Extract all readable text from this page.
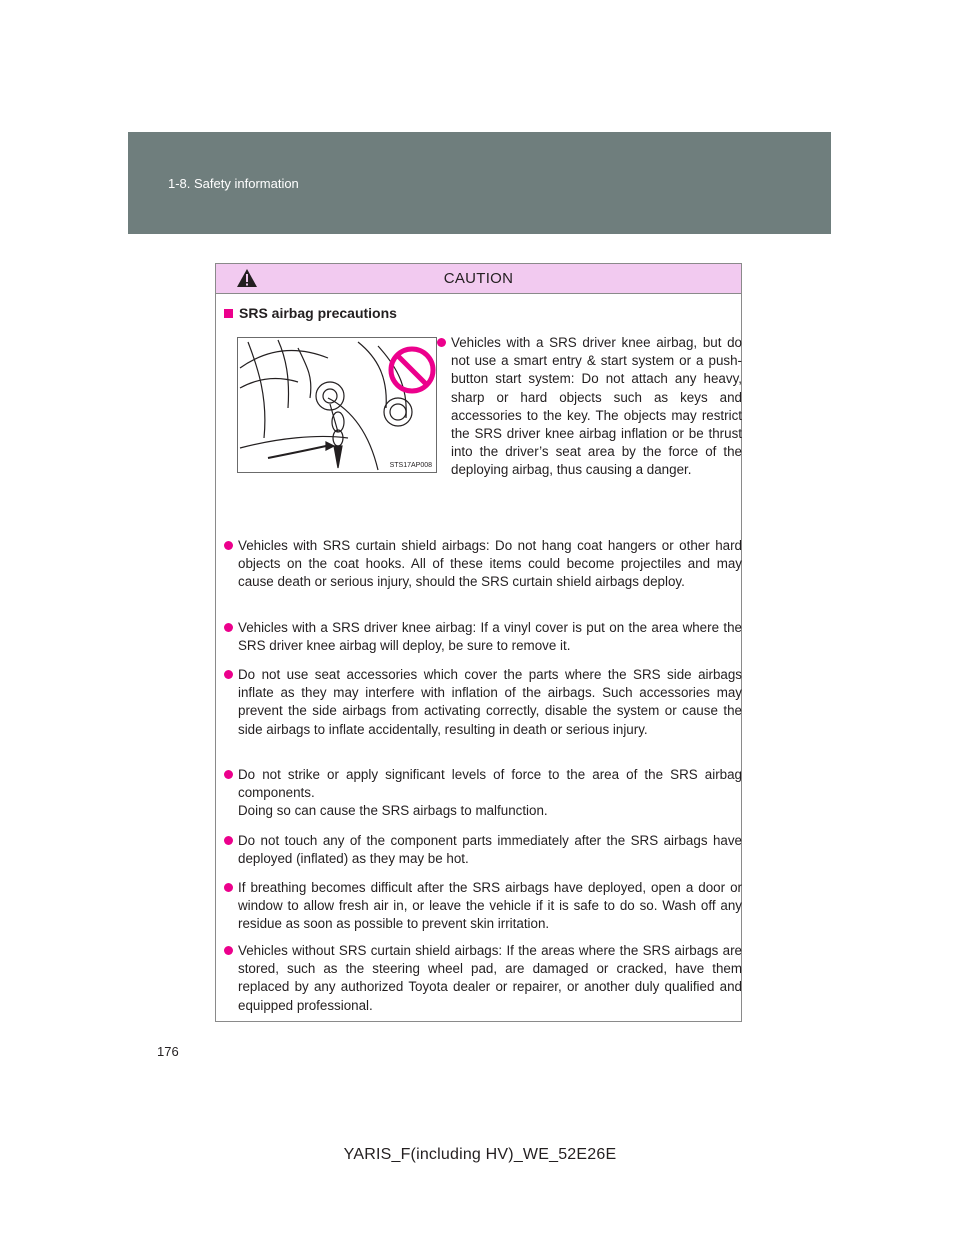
1-8. Safety information
CAUTION
SRS airbag precautions
STS17AP008

Vehicles with a SRS driver knee airbag, but do not use a smart entry & start system or a push-button start system: Do not attach any heavy, sharp or hard objects such as keys and accessories to the key. The objects may restrict the SRS driver knee airbag inflation or be thrust into the driver’s seat area by the force of the deploying airbag, thus causing a danger.

Vehicles with SRS curtain shield airbags: Do not hang coat hangers or other hard objects on the coat hooks. All of these items could become projectiles and may cause death or serious injury, should the SRS curtain shield airbags deploy.

Vehicles with a SRS driver knee airbag: If a vinyl cover is put on the area where the SRS driver knee airbag will deploy, be sure to remove it.

Do not use seat accessories which cover the parts where the SRS side airbags inflate as they may interfere with inflation of the airbags. Such accessories may prevent the side airbags from activating correctly, disable the system or cause the side airbags to inflate accidentally, resulting in death or serious injury.

Do not strike or apply significant levels of force to the area of the SRS airbag components.

Doing so can cause the SRS airbags to malfunction.

Do not touch any of the component parts immediately after the SRS airbags have deployed (inflated) as they may be hot.

If breathing becomes difficult after the SRS airbags have deployed, open a door or window to allow fresh air in, or leave the vehicle if it is safe to do so. Wash off any residue as soon as possible to prevent skin irritation.

Vehicles without SRS curtain shield airbags: If the areas where the SRS airbags are stored, such as the steering wheel pad, are damaged or cracked, have them replaced by any authorized Toyota dealer or repairer, or another duly qualified and equipped professional.

176
YARIS_F(including HV)_WE_52E26E
